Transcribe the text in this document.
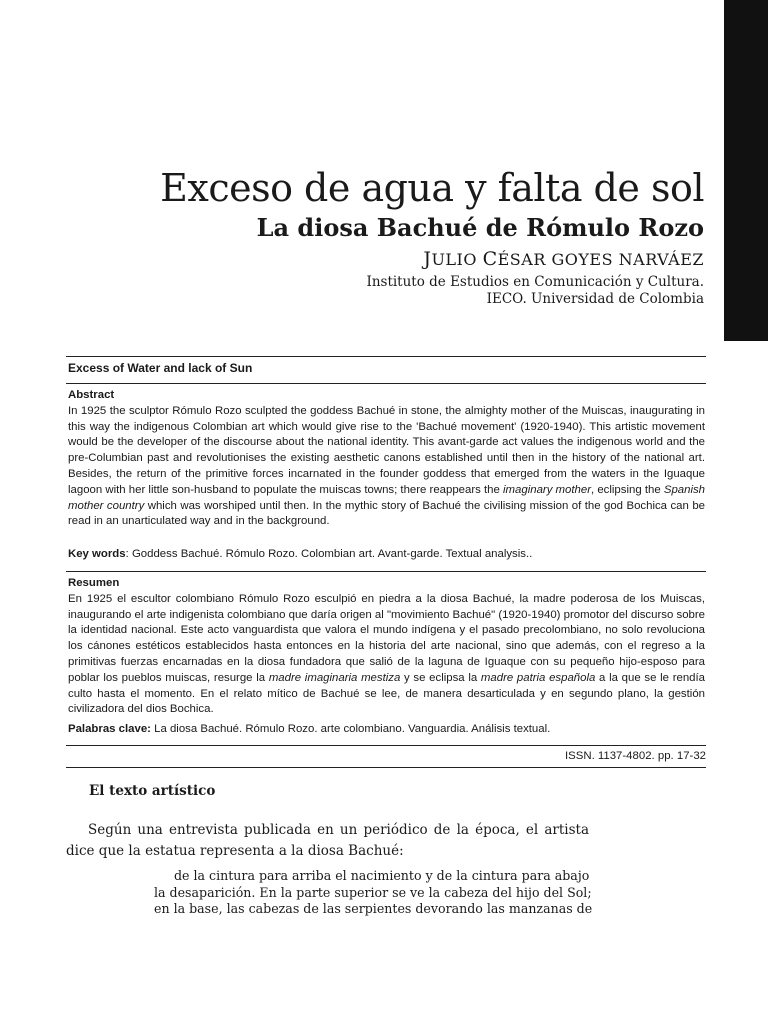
Exceso de agua y falta de sol
La diosa Bachué de Rómulo Rozo

JULIO CÉSAR GOYES NARVÁEZ

Instituto de Estudios en Comunicación y Cultura.
IECO. Universidad de Colombia

Excess of Water and lack of Sun

Abstract
In 1925 the sculptor Rómulo Rozo sculpted the goddess Bachué in stone, the almighty mother of the Muiscas, inaugurating in this way the indigenous Colombian art which would give rise to the 'Bachué movement' (1920-1940). This artistic movement would be the developer of the discourse about the national identity. This avant-garde act values the indigenous world and the pre-Columbian past and revolutionises the existing aesthetic canons established until then in the history of the national art. Besides, the return of the primitive forces incarnated in the founder goddess that emerged from the waters in the Iguaque lagoon with her little son-husband to populate the muiscas towns; there reappears the imaginary mother, eclipsing the Spanish mother country which was worshiped until then. In the mythic story of Bachué the civilising mission of the god Bochica can be read in an unarticulated way and in the background.

Key words: Goddess Bachué. Rómulo Rozo. Colombian art. Avant-garde. Textual analysis..

Resumen
En 1925 el escultor colombiano Rómulo Rozo esculpió en piedra a la diosa Bachué, la madre poderosa de los Muiscas, inaugurando el arte indigenista colombiano que daría origen al "movimiento Bachué" (1920-1940) promotor del discurso sobre la identidad nacional. Este acto vanguardista que valora el mundo indígena y el pasado precolombiano, no solo revoluciona los cánones estéticos establecidos hasta entonces en la historia del arte nacional, sino que además, con el regreso a la primitivas fuerzas encarnadas en la diosa fundadora que salió de la laguna de Iguaque con su pequeño hijo-esposo para poblar los pueblos muiscas, resurge la madre imaginaria mestiza y se eclipsa la madre patria española a la que se le rendía culto hasta el momento. En el relato mítico de Bachué se lee, de manera desarticulada y en segundo plano, la gestión civilizadora del dios Bochica.

Palabras clave: La diosa Bachué. Rómulo Rozo. arte colombiano. Vanguardia. Análisis textual.

ISSN. 1137-4802. pp. 17-32

El texto artístico

Según una entrevista publicada en un periódico de la época, el artista dice que la estatua representa a la diosa Bachué:

de la cintura para arriba el nacimiento y de la cintura para abajo
la desaparición. En la parte superior se ve la cabeza del hijo del Sol;
en la base, las cabezas de las serpientes devorando las manzanas de
